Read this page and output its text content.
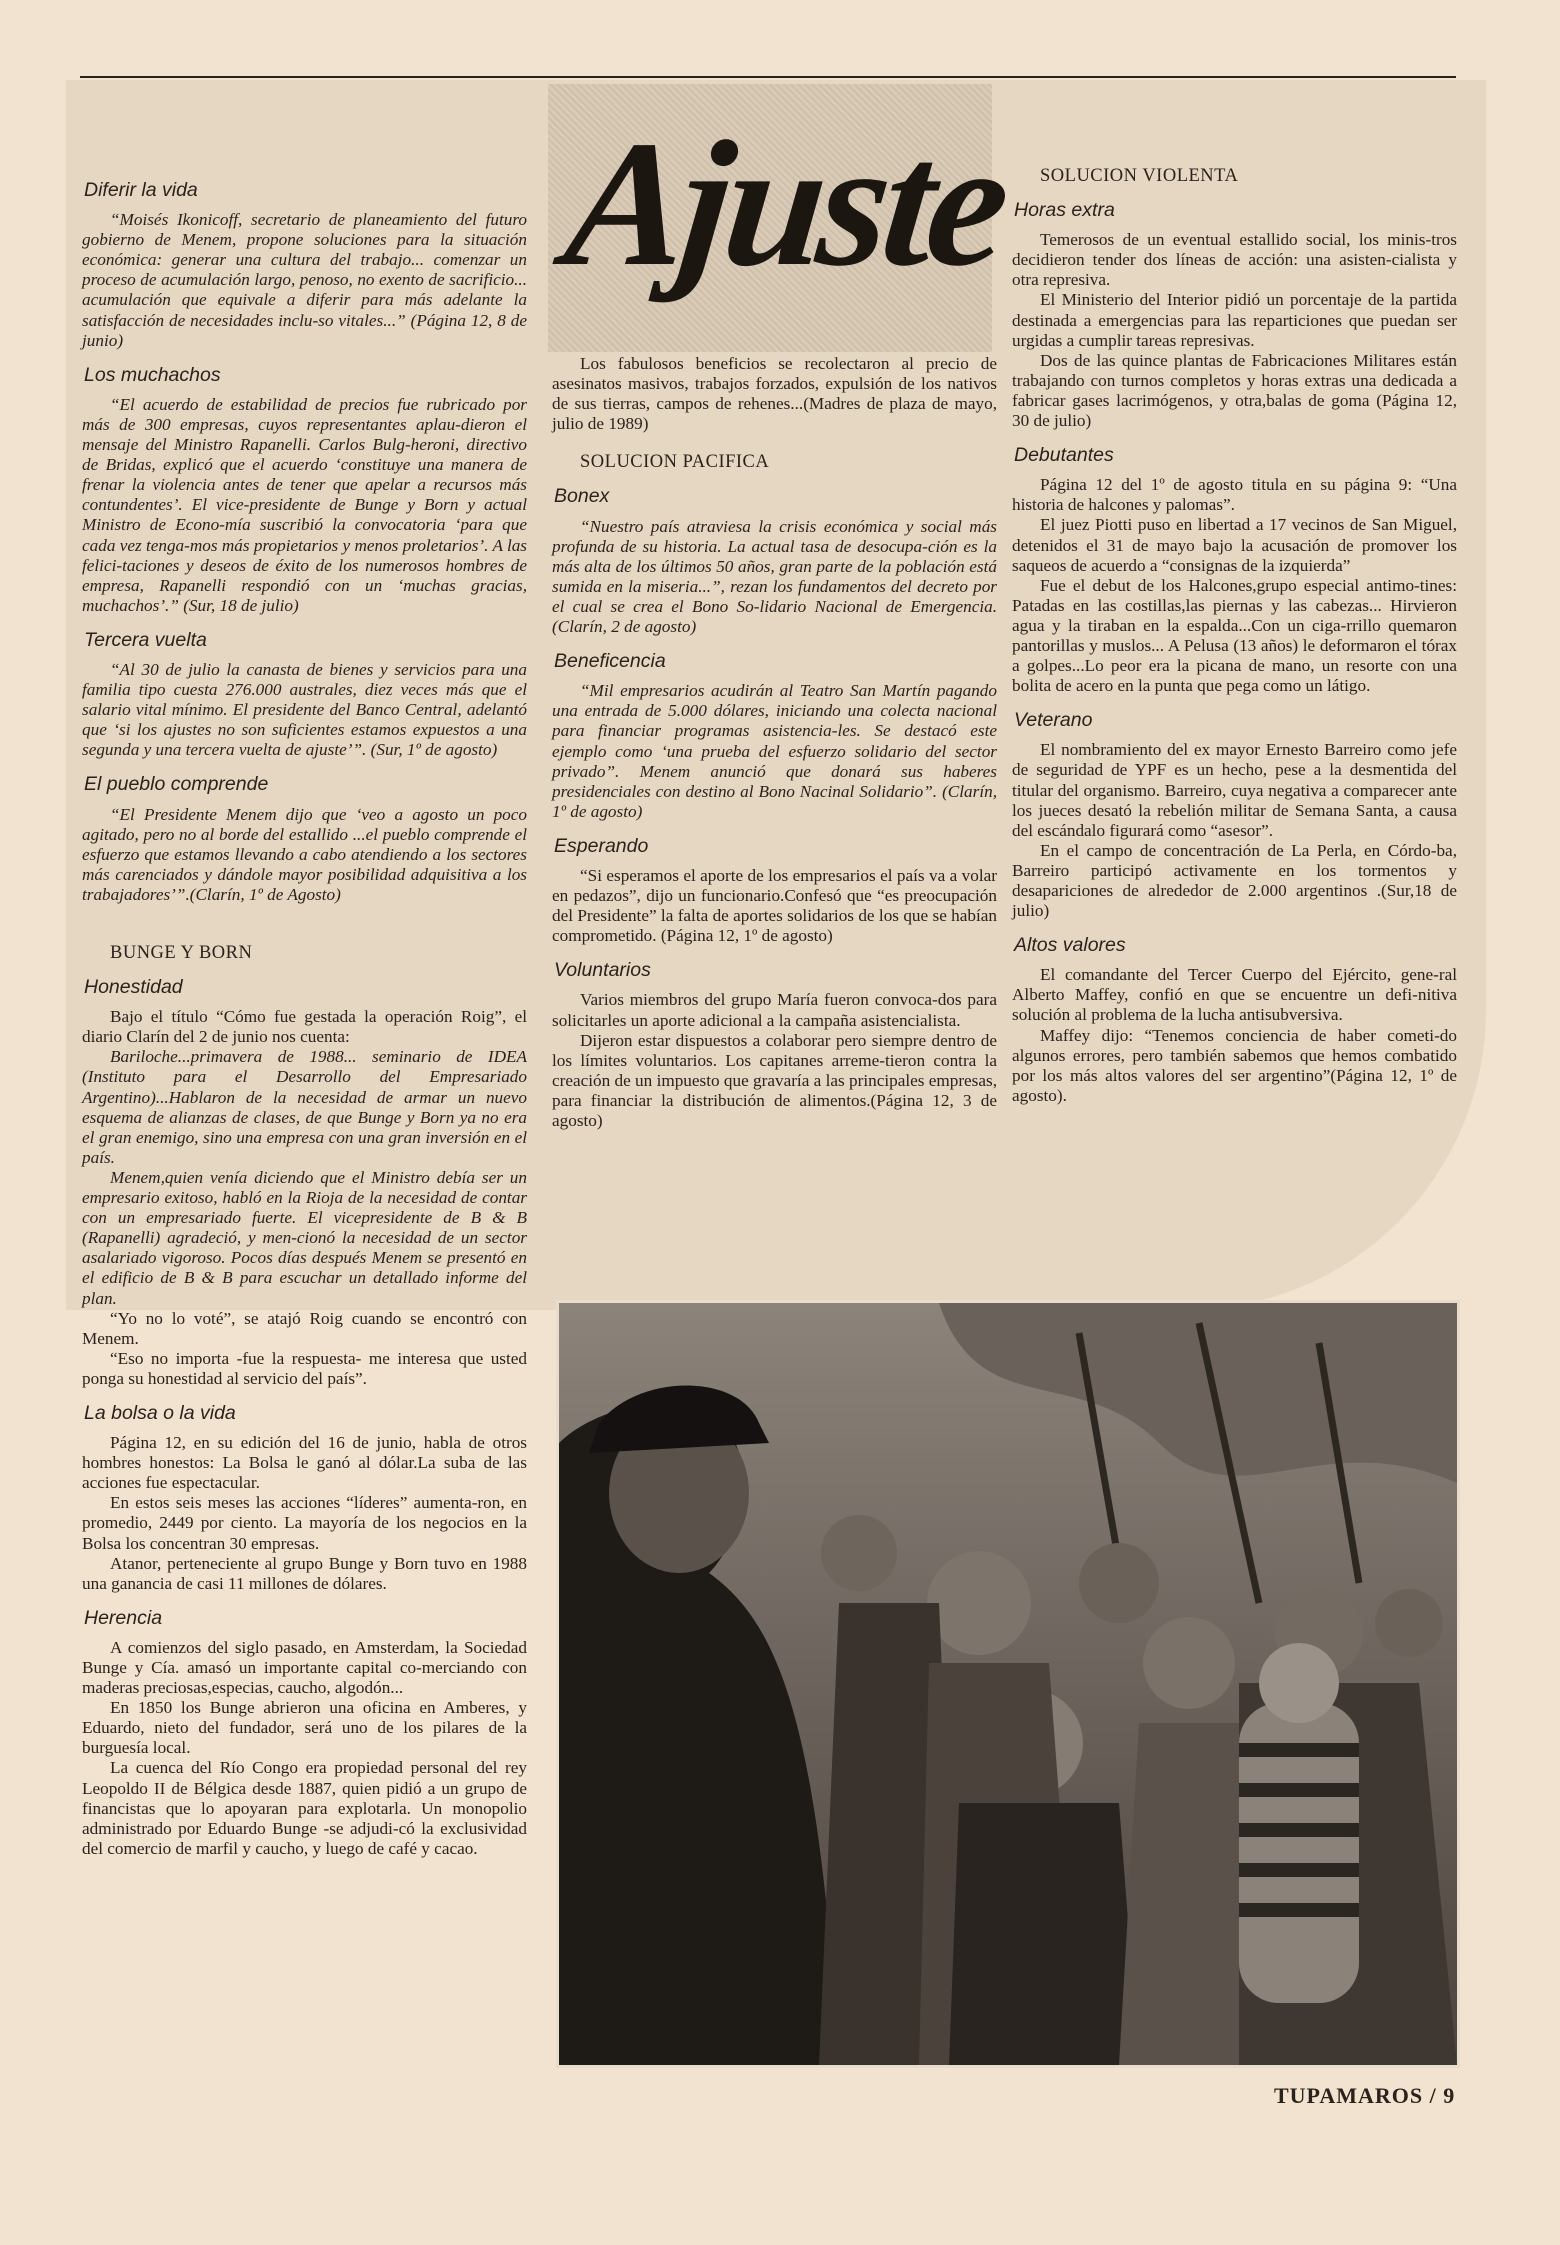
Ajuste
Diferir la vida

“Moisés Ikonicoff, secretario de planeamiento del futuro gobierno de Menem, propone soluciones para la situación económica: generar una cultura del trabajo... comenzar un proceso de acumulación largo, penoso, no exento de sacrificio... acumulación que equivale a diferir para más adelante la satisfacción de necesidades inclu-so vitales...” (Página 12, 8 de junio)

Los muchachos

“El acuerdo de estabilidad de precios fue rubricado por más de 300 empresas, cuyos representantes aplau-dieron el mensaje del Ministro Rapanelli. Carlos Bulg-heroni, directivo de Bridas, explicó que el acuerdo ‘constituye una manera de frenar la violencia antes de tener que apelar a recursos más contundentes’. El vice-presidente de Bunge y Born y actual Ministro de Econo-mía suscribió la convocatoria ‘para que cada vez tenga-mos más propietarios y menos proletarios’. A las felici-taciones y deseos de éxito de los numerosos hombres de empresa, Rapanelli respondió con un ‘muchas gracias, muchachos’.” (Sur, 18 de julio)

Tercera vuelta

“Al 30 de julio la canasta de bienes y servicios para una familia tipo cuesta 276.000 australes, diez veces más que el salario vital mínimo. El presidente del Banco Central, adelantó que ‘si los ajustes no son suficientes estamos expuestos a una segunda y una tercera vuelta de ajuste’”. (Sur, 1º de agosto)

El pueblo comprende

“El Presidente Menem dijo que ‘veo a agosto un poco agitado, pero no al borde del estallido ...el pueblo comprende el esfuerzo que estamos llevando a cabo atendiendo a los sectores más carenciados y dándole mayor posibilidad adquisitiva a los trabajadores’”.(Clarín, 1º de Agosto)

BUNGE Y BORN
Honestidad

Bajo el título “Cómo fue gestada la operación Roig”, el diario Clarín del 2 de junio nos cuenta:

Bariloche...primavera de 1988... seminario de IDEA (Instituto para el Desarrollo del Empresariado Argentino)...Hablaron de la necesidad de armar un nuevo esquema de alianzas de clases, de que Bunge y Born ya no era el gran enemigo, sino una empresa con una gran inversión en el país.

Menem,quien venía diciendo que el Ministro debía ser un empresario exitoso, habló en la Rioja de la necesidad de contar con un empresariado fuerte. El vicepresidente de B & B (Rapanelli) agradeció, y men-cionó la necesidad de un sector asalariado vigoroso. Pocos días después Menem se presentó en el edificio de B & B para escuchar un detallado informe del plan.

“Yo no lo voté”, se atajó Roig cuando se encontró con Menem.

“Eso no importa -fue la respuesta- me interesa que usted ponga su honestidad al servicio del país”.

La bolsa o la vida

Página 12, en su edición del 16 de junio, habla de otros hombres honestos: La Bolsa le ganó al dólar.La suba de las acciones fue espectacular.

En estos seis meses las acciones “líderes” aumenta-ron, en promedio, 2449 por ciento. La mayoría de los negocios en la Bolsa los concentran 30 empresas.

Atanor, perteneciente al grupo Bunge y Born tuvo en 1988 una ganancia de casi 11 millones de dólares.

Herencia

A comienzos del siglo pasado, en Amsterdam, la Sociedad Bunge y Cía. amasó un importante capital co-merciando con maderas preciosas,especias, caucho, algodón...

En 1850 los Bunge abrieron una oficina en Amberes, y Eduardo, nieto del fundador, será uno de los pilares de la burguesía local.

La cuenca del Río Congo era propiedad personal del rey Leopoldo II de Bélgica desde 1887, quien pidió a un grupo de financistas que lo apoyaran para explotarla. Un monopolio administrado por Eduardo Bunge -se adjudi-có la exclusividad del comercio de marfil y caucho, y luego de café y cacao.

Los fabulosos beneficios se recolectaron al precio de asesinatos masivos, trabajos forzados, expulsión de los nativos de sus tierras, campos de rehenes...(Madres de plaza de mayo, julio de 1989)

SOLUCION PACIFICA
Bonex

“Nuestro país atraviesa la crisis económica y social más profunda de su historia. La actual tasa de desocupa-ción es la más alta de los últimos 50 años, gran parte de la población está sumida en la miseria...”, rezan los fundamentos del decreto por el cual se crea el Bono So-lidario Nacional de Emergencia.(Clarín, 2 de agosto)

Beneficencia

“Mil empresarios acudirán al Teatro San Martín pagando una entrada de 5.000 dólares, iniciando una colecta nacional para financiar programas asistencia-les. Se destacó este ejemplo como ‘una prueba del esfuerzo solidario del sector privado”. Menem anunció que donará sus haberes presidenciales con destino al Bono Nacinal Solidario”. (Clarín, 1º de agosto)

Esperando

“Si esperamos el aporte de los empresarios el país va a volar en pedazos”, dijo un funcionario.Confesó que “es preocupación del Presidente” la falta de aportes solidarios de los que se habían comprometido. (Página 12, 1º de agosto)

Voluntarios

Varios miembros del grupo María fueron convoca-dos para solicitarles un aporte adicional a la campaña asistencialista.

Dijeron estar dispuestos a colaborar pero siempre dentro de los límites voluntarios. Los capitanes arreme-tieron contra la creación de un impuesto que gravaría a las principales empresas, para financiar la distribución de alimentos.(Página 12, 3 de agosto)

SOLUCION VIOLENTA
Horas extra

Temerosos de un eventual estallido social, los minis-tros decidieron tender dos líneas de acción: una asisten-cialista y otra represiva.

El Ministerio del Interior pidió un porcentaje de la partida destinada a emergencias para las reparticiones que puedan ser urgidas a cumplir tareas represivas.

Dos de las quince plantas de Fabricaciones Militares están trabajando con turnos completos y horas extras una dedicada a fabricar gases lacrimógenos, y otra,balas de goma (Página 12, 30 de julio)

Debutantes

Página 12 del 1º de agosto titula en su página 9: “Una historia de halcones y palomas”.

El juez Piotti puso en libertad a 17 vecinos de San Miguel, detenidos el 31 de mayo bajo la acusación de promover los saqueos de acuerdo a “consignas de la izquierda”

Fue el debut de los Halcones,grupo especial antimo-tines: Patadas en las costillas,las piernas y las cabezas... Hirvieron agua y la tiraban en la espalda...Con un ciga-rrillo quemaron pantorillas y muslos... A Pelusa (13 años) le deformaron el tórax a golpes...Lo peor era la picana de mano, un resorte con una bolita de acero en la punta que pega como un látigo.

Veterano

El nombramiento del ex mayor Ernesto Barreiro como jefe de seguridad de YPF es un hecho, pese a la desmentida del titular del organismo. Barreiro, cuya negativa a comparecer ante los jueces desató la rebelión militar de Semana Santa, a causa del escándalo figurará como “asesor”.

En el campo de concentración de La Perla, en Córdo-ba, Barreiro participó activamente en los tormentos y desapariciones de alrededor de 2.000 argentinos .(Sur,18 de julio)

Altos valores

El comandante del Tercer Cuerpo del Ejército, gene-ral Alberto Maffey, confió en que se encuentre un defi-nitiva solución al problema de la lucha antisubversiva.

Maffey dijo: “Tenemos conciencia de haber cometi-do algunos errores, pero también sabemos que hemos combatido por los más altos valores del ser argentino”(Página 12, 1º de agosto).

TUPAMAROS / 9
